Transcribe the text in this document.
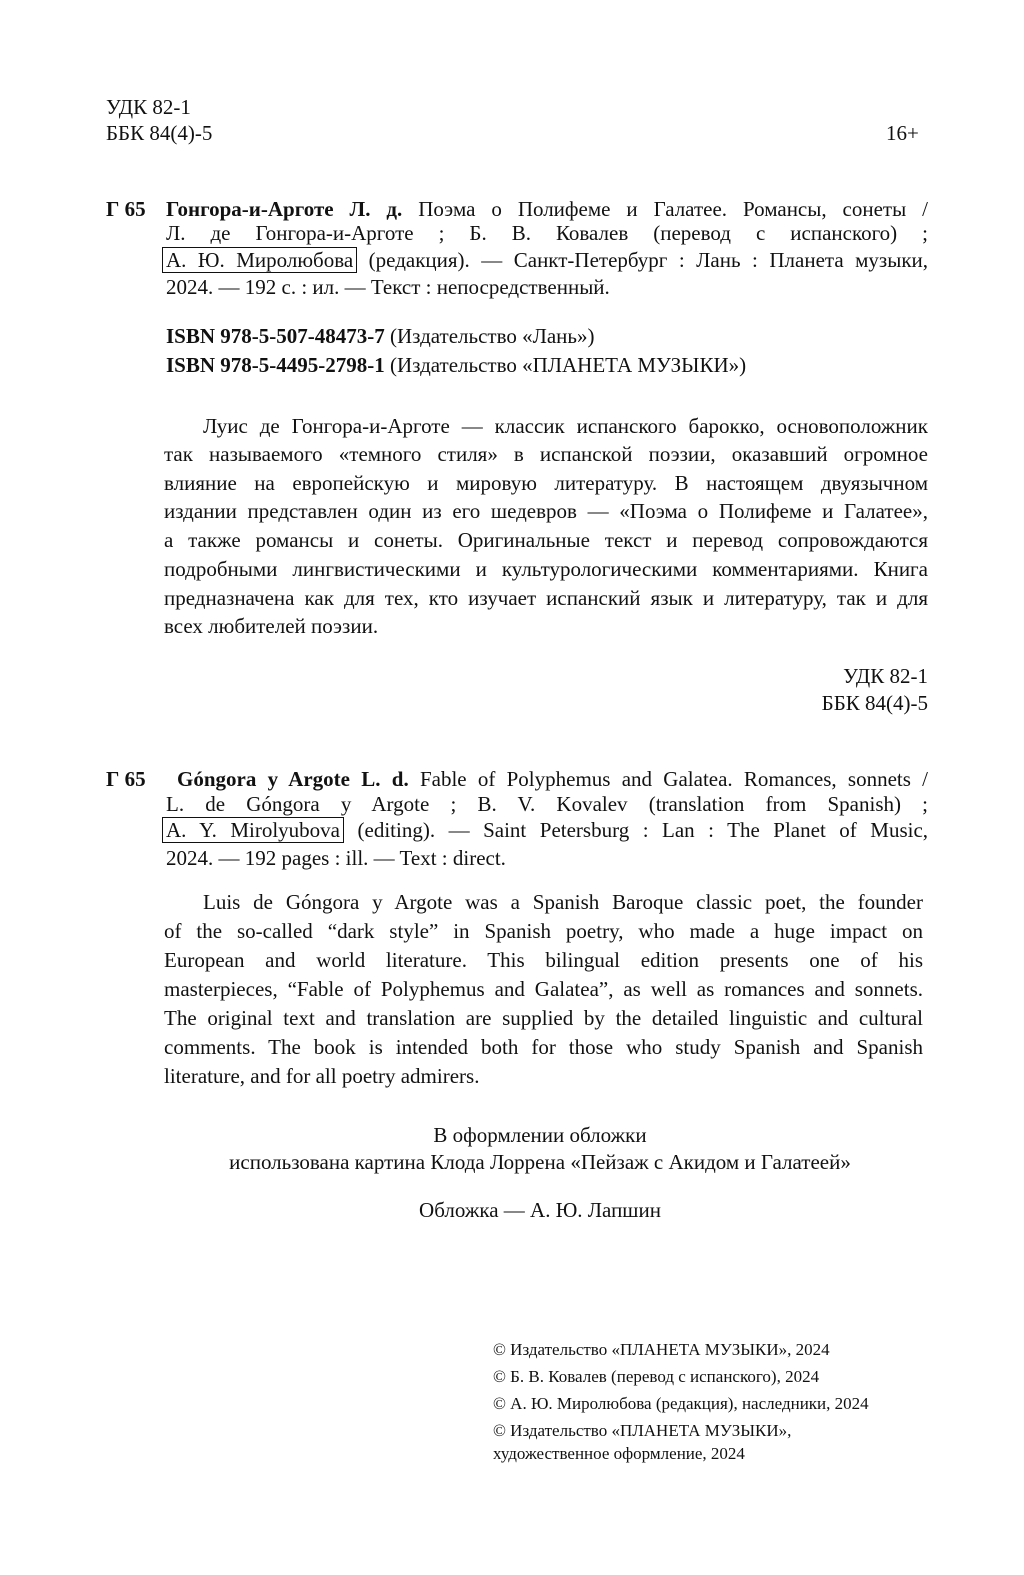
УДК 82-1
ББК 84(4)-5	16+
Г 65 Гонгора-и-Арготе Л. д. Поэма о Полифеме и Галатее. Романсы, сонеты /
Л. де Гонгора-и-Арготе ; Б. В. Ковалев (перевод с испанского) ;
А. Ю. Миролюбова (редакция). — Санкт-Петербург : Лань : Планета музыки,
2024. — 192 с. : ил. — Текст : непосредственный.
ISBN 978-5-507-48473-7 (Издательство «Лань»)
ISBN 978-5-4495-2798-1 (Издательство «ПЛАНЕТА МУЗЫКИ»)
Луис де Гонгора-и-Арготе — классик испанского барокко, основоположник
так называемого «темного стиля» в испанской поэзии, оказавший огромное
влияние на европейскую и мировую литературу. В настоящем двуязычном
издании представлен один из его шедевров — «Поэма о Полифеме и Галатее»,
а также романсы и сонеты. Оригинальные текст и перевод сопровождаются
подробными лингвистическими и культурологическими комментариями. Книга
предназначена как для тех, кто изучает испанский язык и литературу, так и для
всех любителей поэзии.
УДК 82-1
ББК 84(4)-5
Г 65 Góngora y Argote L. d. Fable of Polyphemus and Galatea. Romances, sonnets /
L. de Góngora y Argote ; B. V. Kovalev (translation from Spanish) ;
A. Y. Mirolyubova (editing). — Saint Petersburg : Lan : The Planet of Music,
2024. — 192 pages : ill. — Text : direct.
Luis de Góngora y Argote was a Spanish Baroque classic poet, the founder
of the so-called “dark style” in Spanish poetry, who made a huge impact on
European and world literature. This bilingual edition presents one of his
masterpieces, “Fable of Polyphemus and Galatea”, as well as romances and sonnets.
The original text and translation are supplied by the detailed linguistic and cultural
comments. The book is intended both for those who study Spanish and Spanish
literature, and for all poetry admirers.
В оформлении обложки
использована картина Клода Лоррена «Пейзаж с Акидом и Галатеей»
Обложка — А. Ю. Лапшин
© Издательство «ПЛАНЕТА МУЗЫКИ», 2024
© Б. В. Ковалев (перевод с испанского), 2024
© А. Ю. Миролюбова (редакция), наследники, 2024
© Издательство «ПЛАНЕТА МУЗЫКИ»,
художественное оформление, 2024
